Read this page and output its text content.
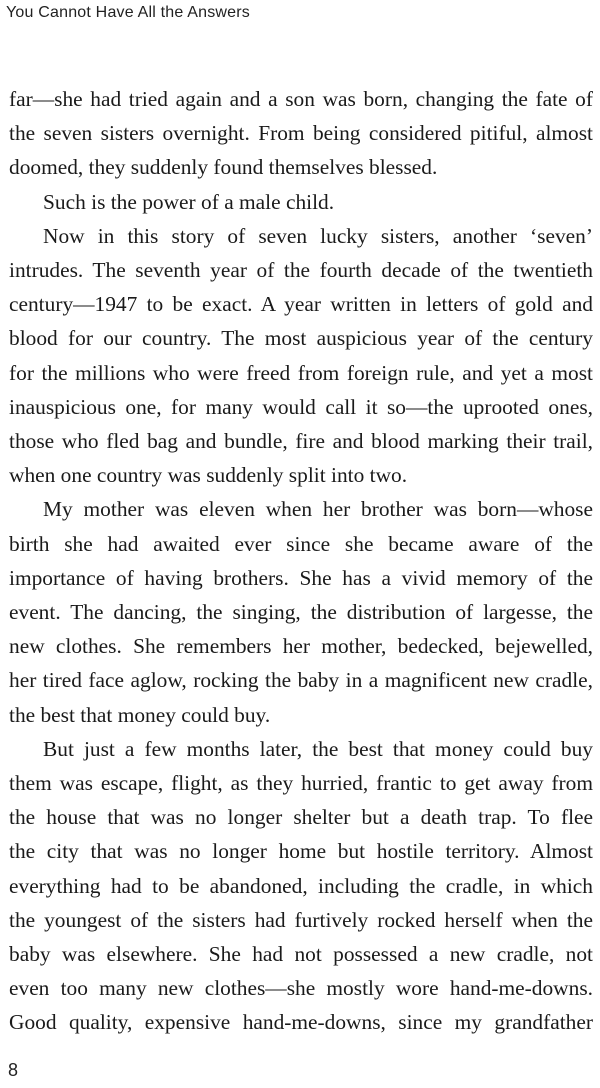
You Cannot Have All the Answers
far—she had tried again and a son was born, changing the fate of
the seven sisters overnight. From being considered pitiful, almost
doomed, they suddenly found themselves blessed.
Such is the power of a male child.
Now in this story of seven lucky sisters, another ‘seven’
intrudes. The seventh year of the fourth decade of the twentieth
century—1947 to be exact. A year written in letters of gold and
blood for our country. The most auspicious year of the century
for the millions who were freed from foreign rule, and yet a most
inauspicious one, for many would call it so—the uprooted ones,
those who fled bag and bundle, fire and blood marking their trail,
when one country was suddenly split into two.
My mother was eleven when her brother was born—whose
birth she had awaited ever since she became aware of the
importance of having brothers. She has a vivid memory of the
event. The dancing, the singing, the distribution of largesse, the
new clothes. She remembers her mother, bedecked, bejewelled,
her tired face aglow, rocking the baby in a magnificent new cradle,
the best that money could buy.
But just a few months later, the best that money could buy
them was escape, flight, as they hurried, frantic to get away from
the house that was no longer shelter but a death trap. To flee
the city that was no longer home but hostile territory. Almost
everything had to be abandoned, including the cradle, in which
the youngest of the sisters had furtively rocked herself when the
baby was elsewhere. She had not possessed a new cradle, not
even too many new clothes—she mostly wore hand-me-downs.
Good quality, expensive hand-me-downs, since my grandfather
8
